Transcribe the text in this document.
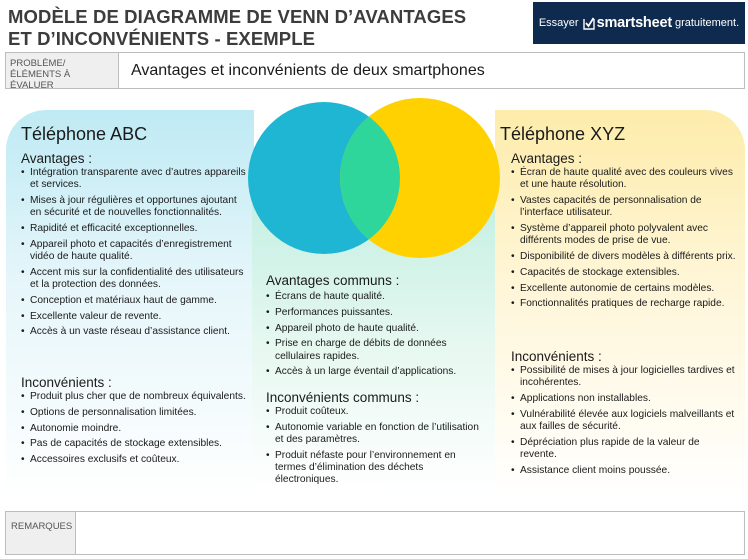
MODÈLE DE DIAGRAMME DE VENN D’AVANTAGES
ET D’INCONVÉNIENTS - EXEMPLE
Essayer smartsheet gratuitement.
PROBLÈME/ÉLÉMENTS À ÉVALUER
Avantages et inconvénients de deux smartphones
Téléphone ABC
Avantages :
• Intégration transparente avec d’autres appareils et services.
• Mises à jour régulières et opportunes ajoutant en sécurité et de nouvelles fonctionnalités.
• Rapidité et efficacité exceptionnelles.
• Appareil photo et capacités d’enregistrement vidéo de haute qualité.
• Accent mis sur la confidentialité des utilisateurs et la protection des données.
• Conception et matériaux haut de gamme.
• Excellente valeur de revente.
• Accès à un vaste réseau d’assistance client.
Inconvénients :
• Produit plus cher que de nombreux équivalents.
• Options de personnalisation limitées.
• Autonomie moindre.
• Pas de capacités de stockage extensibles.
• Accessoires exclusifs et coûteux.
Avantages communs :
• Écrans de haute qualité.
• Performances puissantes.
• Appareil photo de haute qualité.
• Prise en charge de débits de données cellulaires rapides.
• Accès à un large éventail d’applications.
Inconvénients communs :
• Produit coûteux.
• Autonomie variable en fonction de l’utilisation et des paramètres.
• Produit néfaste pour l’environnement en termes d’élimination des déchets électroniques.
Téléphone XYZ
Avantages :
• Écran de haute qualité avec des couleurs vives et une haute résolution.
• Vastes capacités de personnalisation de l’interface utilisateur.
• Système d’appareil photo polyvalent avec différents modes de prise de vue.
• Disponibilité de divers modèles à différents prix.
• Capacités de stockage extensibles.
• Excellente autonomie de certains modèles.
• Fonctionnalités pratiques de recharge rapide.
Inconvénients :
• Possibilité de mises à jour logicielles tardives et incohérentes.
• Applications non installables.
• Vulnérabilité élevée aux logiciels malveillants et aux failles de sécurité.
• Dépréciation plus rapide de la valeur de revente.
• Assistance client moins poussée.
REMARQUES
